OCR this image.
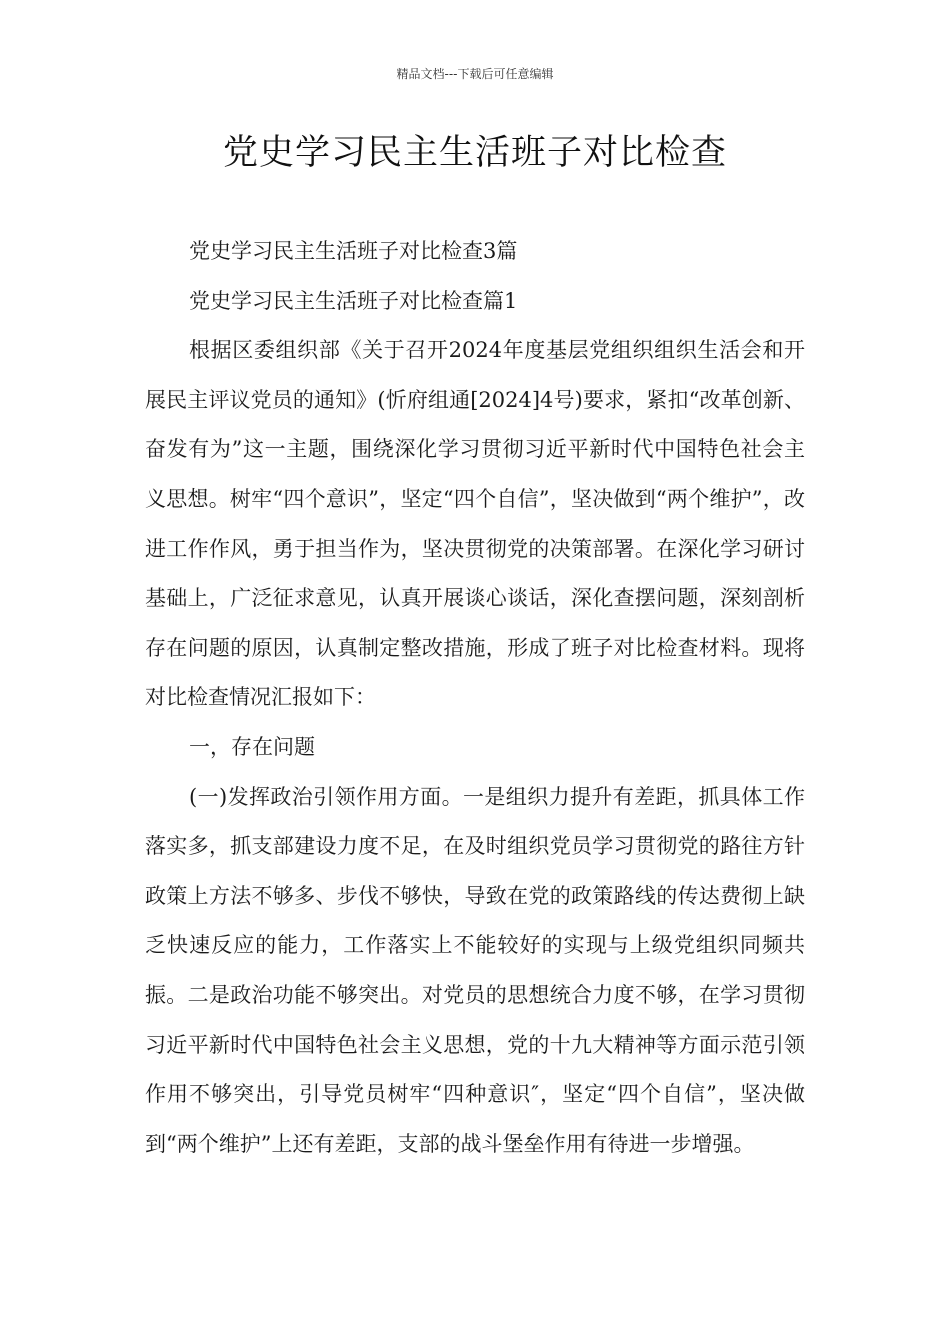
精品文档---下载后可任意编辑
党史学习民主生活班子对比检查

党史学习民主生活班子对比检查3篇

党史学习民主生活班子对比检查篇1

根据区委组织部《关于召开2024年度基层党组织组织生活会和开展民主评议党员的通知》(忻府组通[2024]4号)要求，紧扣“改革创新、奋发有为”这一主题，围绕深化学习贯彻习近平新时代中国特色社会主义思想。树牢“四个意识”，坚定“四个自信”，坚决做到“两个维护”，改进工作作风，勇于担当作为，坚决贯彻党的决策部署。在深化学习研讨基础上，广泛征求意见，认真开展谈心谈话，深化查摆问题，深刻剖析存在问题的原因，认真制定整改措施，形成了班子对比检查材料。现将对比检查情况汇报如下：

一，存在问题

(一)发挥政治引领作用方面。一是组织力提升有差距，抓具体工作落实多，抓支部建设力度不足，在及时组织党员学习贯彻党的路往方针政策上方法不够多、步伐不够快，导致在党的政策路线的传达费彻上缺乏快速反应的能力，工作落实上不能较好的实现与上级党组织同频共振。二是政治功能不够突出。对党员的思想统合力度不够，在学习贯彻习近平新时代中国特色社会主义思想，党的十九大精神等方面示范引领作用不够突出，引导党员树牢“四种意识″，坚定“四个自信”，坚决做到“两个维护”上还有差距，支部的战斗堡垒作用有待进一步增强。
